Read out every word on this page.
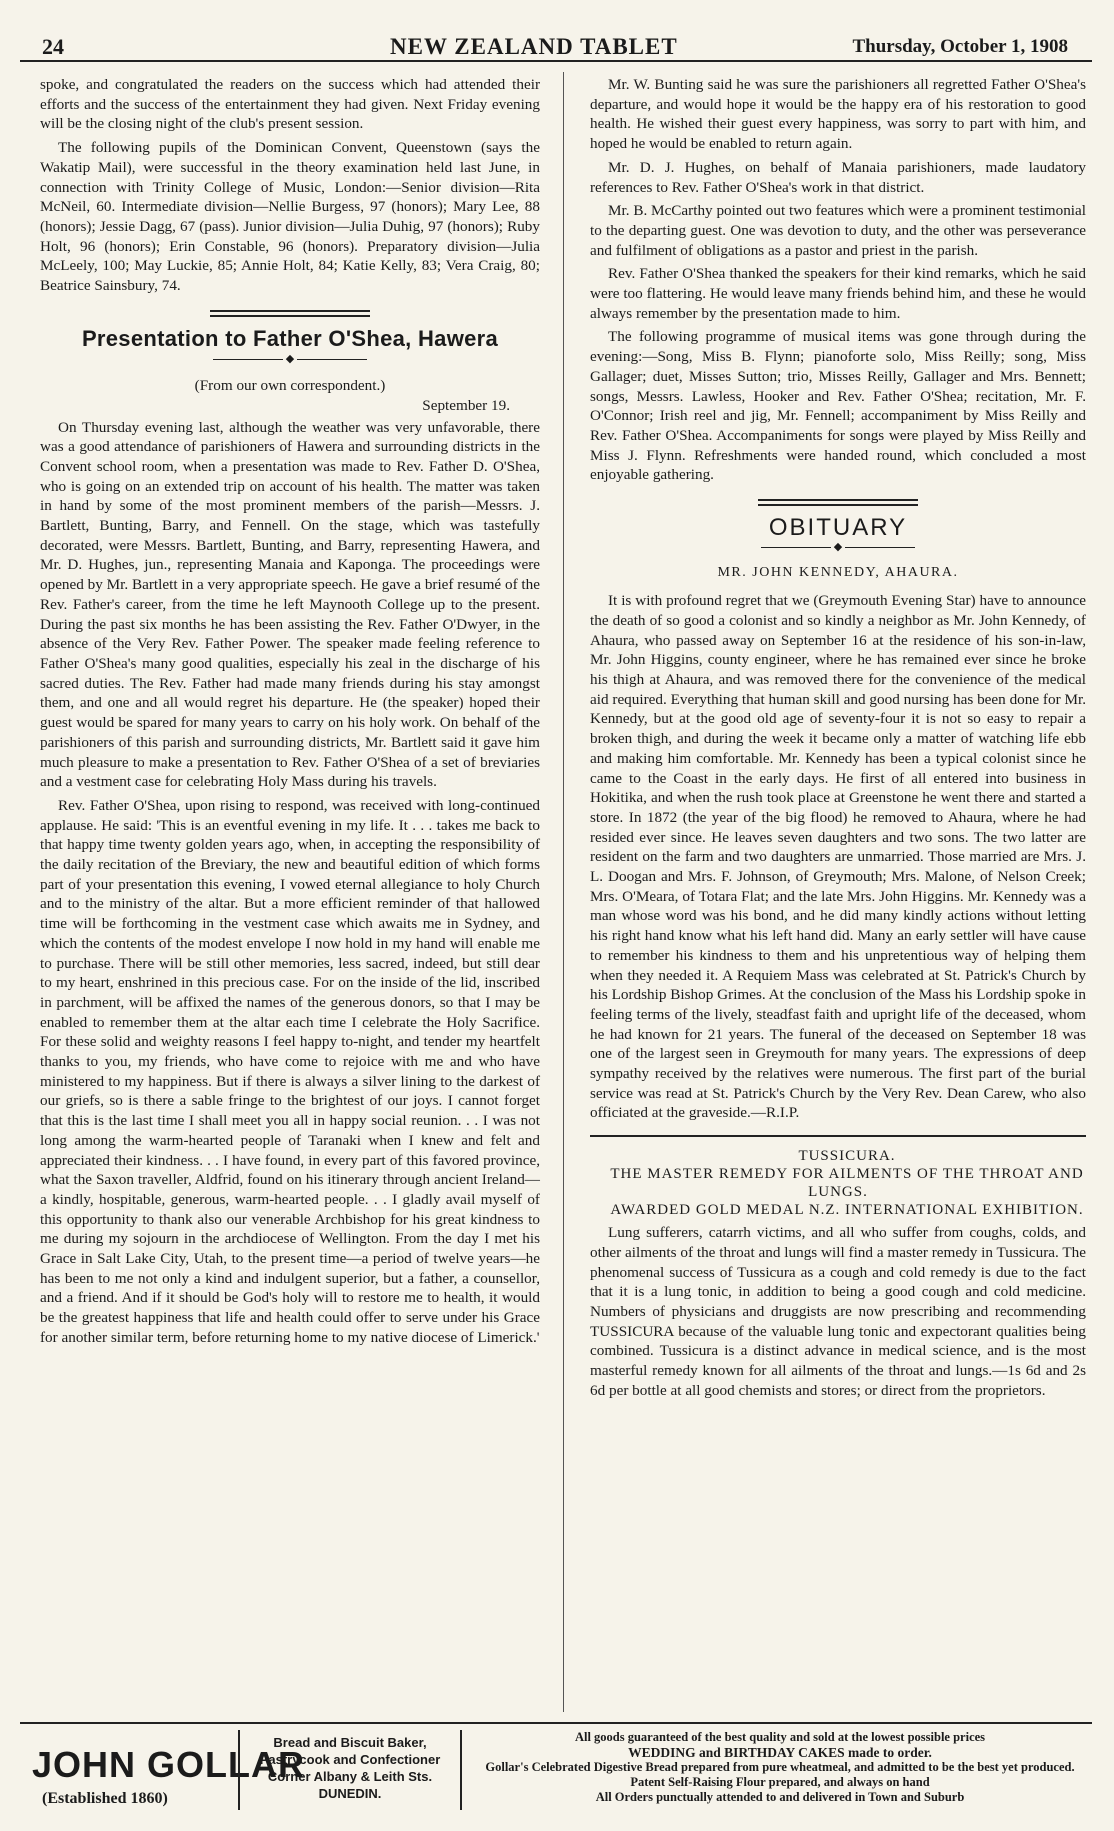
24	NEW ZEALAND TABLET	Thursday, October 1, 1908

spoke, and congratulated the readers on the success which had attended their efforts and the success of the entertainment they had given. Next Friday evening will be the closing night of the club's present session.

The following pupils of the Dominican Convent, Queenstown (says the Wakatip Mail), were successful in the theory examination held last June, in connection with Trinity College of Music, London:—Senior division—Rita McNeil, 60. Intermediate division—Nellie Burgess, 97 (honors); Mary Lee, 88 (honors); Jessie Dagg, 67 (pass). Junior division—Julia Duhig, 97 (honors); Ruby Holt, 96 (honors); Erin Constable, 96 (honors). Preparatory division—Julia McLeely, 100; May Luckie, 85; Annie Holt, 84; Katie Kelly, 83; Vera Craig, 80; Beatrice Sainsbury, 74.

Presentation to Father O'Shea, Hawera
◆
(From our own correspondent.)
September 19.

On Thursday evening last, although the weather was very unfavorable, there was a good attendance of parishioners of Hawera and surrounding districts in the Convent school room, when a presentation was made to Rev. Father D. O'Shea, who is going on an extended trip on account of his health. The matter was taken in hand by some of the most prominent members of the parish—Messrs. J. Bartlett, Bunting, Barry, and Fennell. On the stage, which was tastefully decorated, were Messrs. Bartlett, Bunting, and Barry, representing Hawera, and Mr. D. Hughes, jun., representing Manaia and Kaponga. The proceedings were opened by Mr. Bartlett in a very appropriate speech. He gave a brief resumé of the Rev. Father's career, from the time he left Maynooth College up to the present. During the past six months he has been assisting the Rev. Father O'Dwyer, in the absence of the Very Rev. Father Power. The speaker made feeling reference to Father O'Shea's many good qualities, especially his zeal in the discharge of his sacred duties. The Rev. Father had made many friends during his stay amongst them, and one and all would regret his departure. He (the speaker) hoped their guest would be spared for many years to carry on his holy work. On behalf of the parishioners of this parish and surrounding districts, Mr. Bartlett said it gave him much pleasure to make a presentation to Rev. Father O'Shea of a set of breviaries and a vestment case for celebrating Holy Mass during his travels.

Rev. Father O'Shea, upon rising to respond, was received with long-continued applause. He said: 'This is an eventful evening in my life. It . . . takes me back to that happy time twenty golden years ago, when, in accepting the responsibility of the daily recitation of the Breviary, the new and beautiful edition of which forms part of your presentation this evening, I vowed eternal allegiance to holy Church and to the ministry of the altar. But a more efficient reminder of that hallowed time will be forthcoming in the vestment case which awaits me in Sydney, and which the contents of the modest envelope I now hold in my hand will enable me to purchase. There will be still other memories, less sacred, indeed, but still dear to my heart, enshrined in this precious case. For on the inside of the lid, inscribed in parchment, will be affixed the names of the generous donors, so that I may be enabled to remember them at the altar each time I celebrate the Holy Sacrifice. For these solid and weighty reasons I feel happy to-night, and tender my heartfelt thanks to you, my friends, who have come to rejoice with me and who have ministered to my happiness. But if there is always a silver lining to the darkest of our griefs, so is there a sable fringe to the brightest of our joys. I cannot forget that this is the last time I shall meet you all in happy social reunion. . . I was not long among the warm-hearted people of Taranaki when I knew and felt and appreciated their kindness. . . I have found, in every part of this favored province, what the Saxon traveller, Aldfrid, found on his itinerary through ancient Ireland—a kindly, hospitable, generous, warm-hearted people. . . I gladly avail myself of this opportunity to thank also our venerable Archbishop for his great kindness to me during my sojourn in the archdiocese of Wellington. From the day I met his Grace in Salt Lake City, Utah, to the present time—a period of twelve years—he has been to me not only a kind and indulgent superior, but a father, a counsellor, and a friend. And if it should be God's holy will to restore me to health, it would be the greatest happiness that life and health could offer to serve under his Grace for another similar term, before returning home to my native diocese of Limerick.'

Mr. W. Bunting said he was sure the parishioners all regretted Father O'Shea's departure, and would hope it would be the happy era of his restoration to good health. He wished their guest every happiness, was sorry to part with him, and hoped he would be enabled to return again.

Mr. D. J. Hughes, on behalf of Manaia parishioners, made laudatory references to Rev. Father O'Shea's work in that district.

Mr. B. McCarthy pointed out two features which were a prominent testimonial to the departing guest. One was devotion to duty, and the other was perseverance and fulfilment of obligations as a pastor and priest in the parish.

Rev. Father O'Shea thanked the speakers for their kind remarks, which he said were too flattering. He would leave many friends behind him, and these he would always remember by the presentation made to him.

The following programme of musical items was gone through during the evening:—Song, Miss B. Flynn; pianoforte solo, Miss Reilly; song, Miss Gallager; duet, Misses Sutton; trio, Misses Reilly, Gallager and Mrs. Bennett; songs, Messrs. Lawless, Hooker and Rev. Father O'Shea; recitation, Mr. F. O'Connor; Irish reel and jig, Mr. Fennell; accompaniment by Miss Reilly and Rev. Father O'Shea. Accompaniments for songs were played by Miss Reilly and Miss J. Flynn. Refreshments were handed round, which concluded a most enjoyable gathering.

OBITUARY
◆
MR. JOHN KENNEDY, AHAURA.

It is with profound regret that we (Greymouth Evening Star) have to announce the death of so good a colonist and so kindly a neighbor as Mr. John Kennedy, of Ahaura, who passed away on September 16 at the residence of his son-in-law, Mr. John Higgins, county engineer, where he has remained ever since he broke his thigh at Ahaura, and was removed there for the convenience of the medical aid required. Everything that human skill and good nursing has been done for Mr. Kennedy, but at the good old age of seventy-four it is not so easy to repair a broken thigh, and during the week it became only a matter of watching life ebb and making him comfortable. Mr. Kennedy has been a typical colonist since he came to the Coast in the early days. He first of all entered into business in Hokitika, and when the rush took place at Greenstone he went there and started a store. In 1872 (the year of the big flood) he removed to Ahaura, where he had resided ever since. He leaves seven daughters and two sons. The two latter are resident on the farm and two daughters are unmarried. Those married are Mrs. J. L. Doogan and Mrs. F. Johnson, of Greymouth; Mrs. Malone, of Nelson Creek; Mrs. O'Meara, of Totara Flat; and the late Mrs. John Higgins. Mr. Kennedy was a man whose word was his bond, and he did many kindly actions without letting his right hand know what his left hand did. Many an early settler will have cause to remember his kindness to them and his unpretentious way of helping them when they needed it. A Requiem Mass was celebrated at St. Patrick's Church by his Lordship Bishop Grimes. At the conclusion of the Mass his Lordship spoke in feeling terms of the lively, steadfast faith and upright life of the deceased, whom he had known for 21 years. The funeral of the deceased on September 18 was one of the largest seen in Greymouth for many years. The expressions of deep sympathy received by the relatives were numerous. The first part of the burial service was read at St. Patrick's Church by the Very Rev. Dean Carew, who also officiated at the graveside.—R.I.P.

TUSSICURA.

THE MASTER REMEDY FOR AILMENTS OF THE THROAT AND LUNGS.

AWARDED GOLD MEDAL N.Z. INTERNATIONAL EXHIBITION.

Lung sufferers, catarrh victims, and all who suffer from coughs, colds, and other ailments of the throat and lungs will find a master remedy in Tussicura. The phenomenal success of Tussicura as a cough and cold remedy is due to the fact that it is a lung tonic, in addition to being a good cough and cold medicine. Numbers of physicians and druggists are now prescribing and recommending TUSSICURA because of the valuable lung tonic and expectorant qualities being combined. Tussicura is a distinct advance in medical science, and is the most masterful remedy known for all ailments of the throat and lungs.—1s 6d and 2s 6d per bottle at all good chemists and stores; or direct from the proprietors.

JOHN GOLLAR
(Established 1860)
Bread and Biscuit Baker,
Pastrycook and Confectioner
Corner Albany & Leith Sts.
DUNEDIN.
All goods guaranteed of the best quality and sold at the lowest possible prices
WEDDING and BIRTHDAY CAKES made to order.
Gollar's Celebrated Digestive Bread prepared from pure wheatmeal, and admitted to be the best yet produced. Patent Self-Raising Flour prepared, and always on hand
All Orders punctually attended to and delivered in Town and Suburb
